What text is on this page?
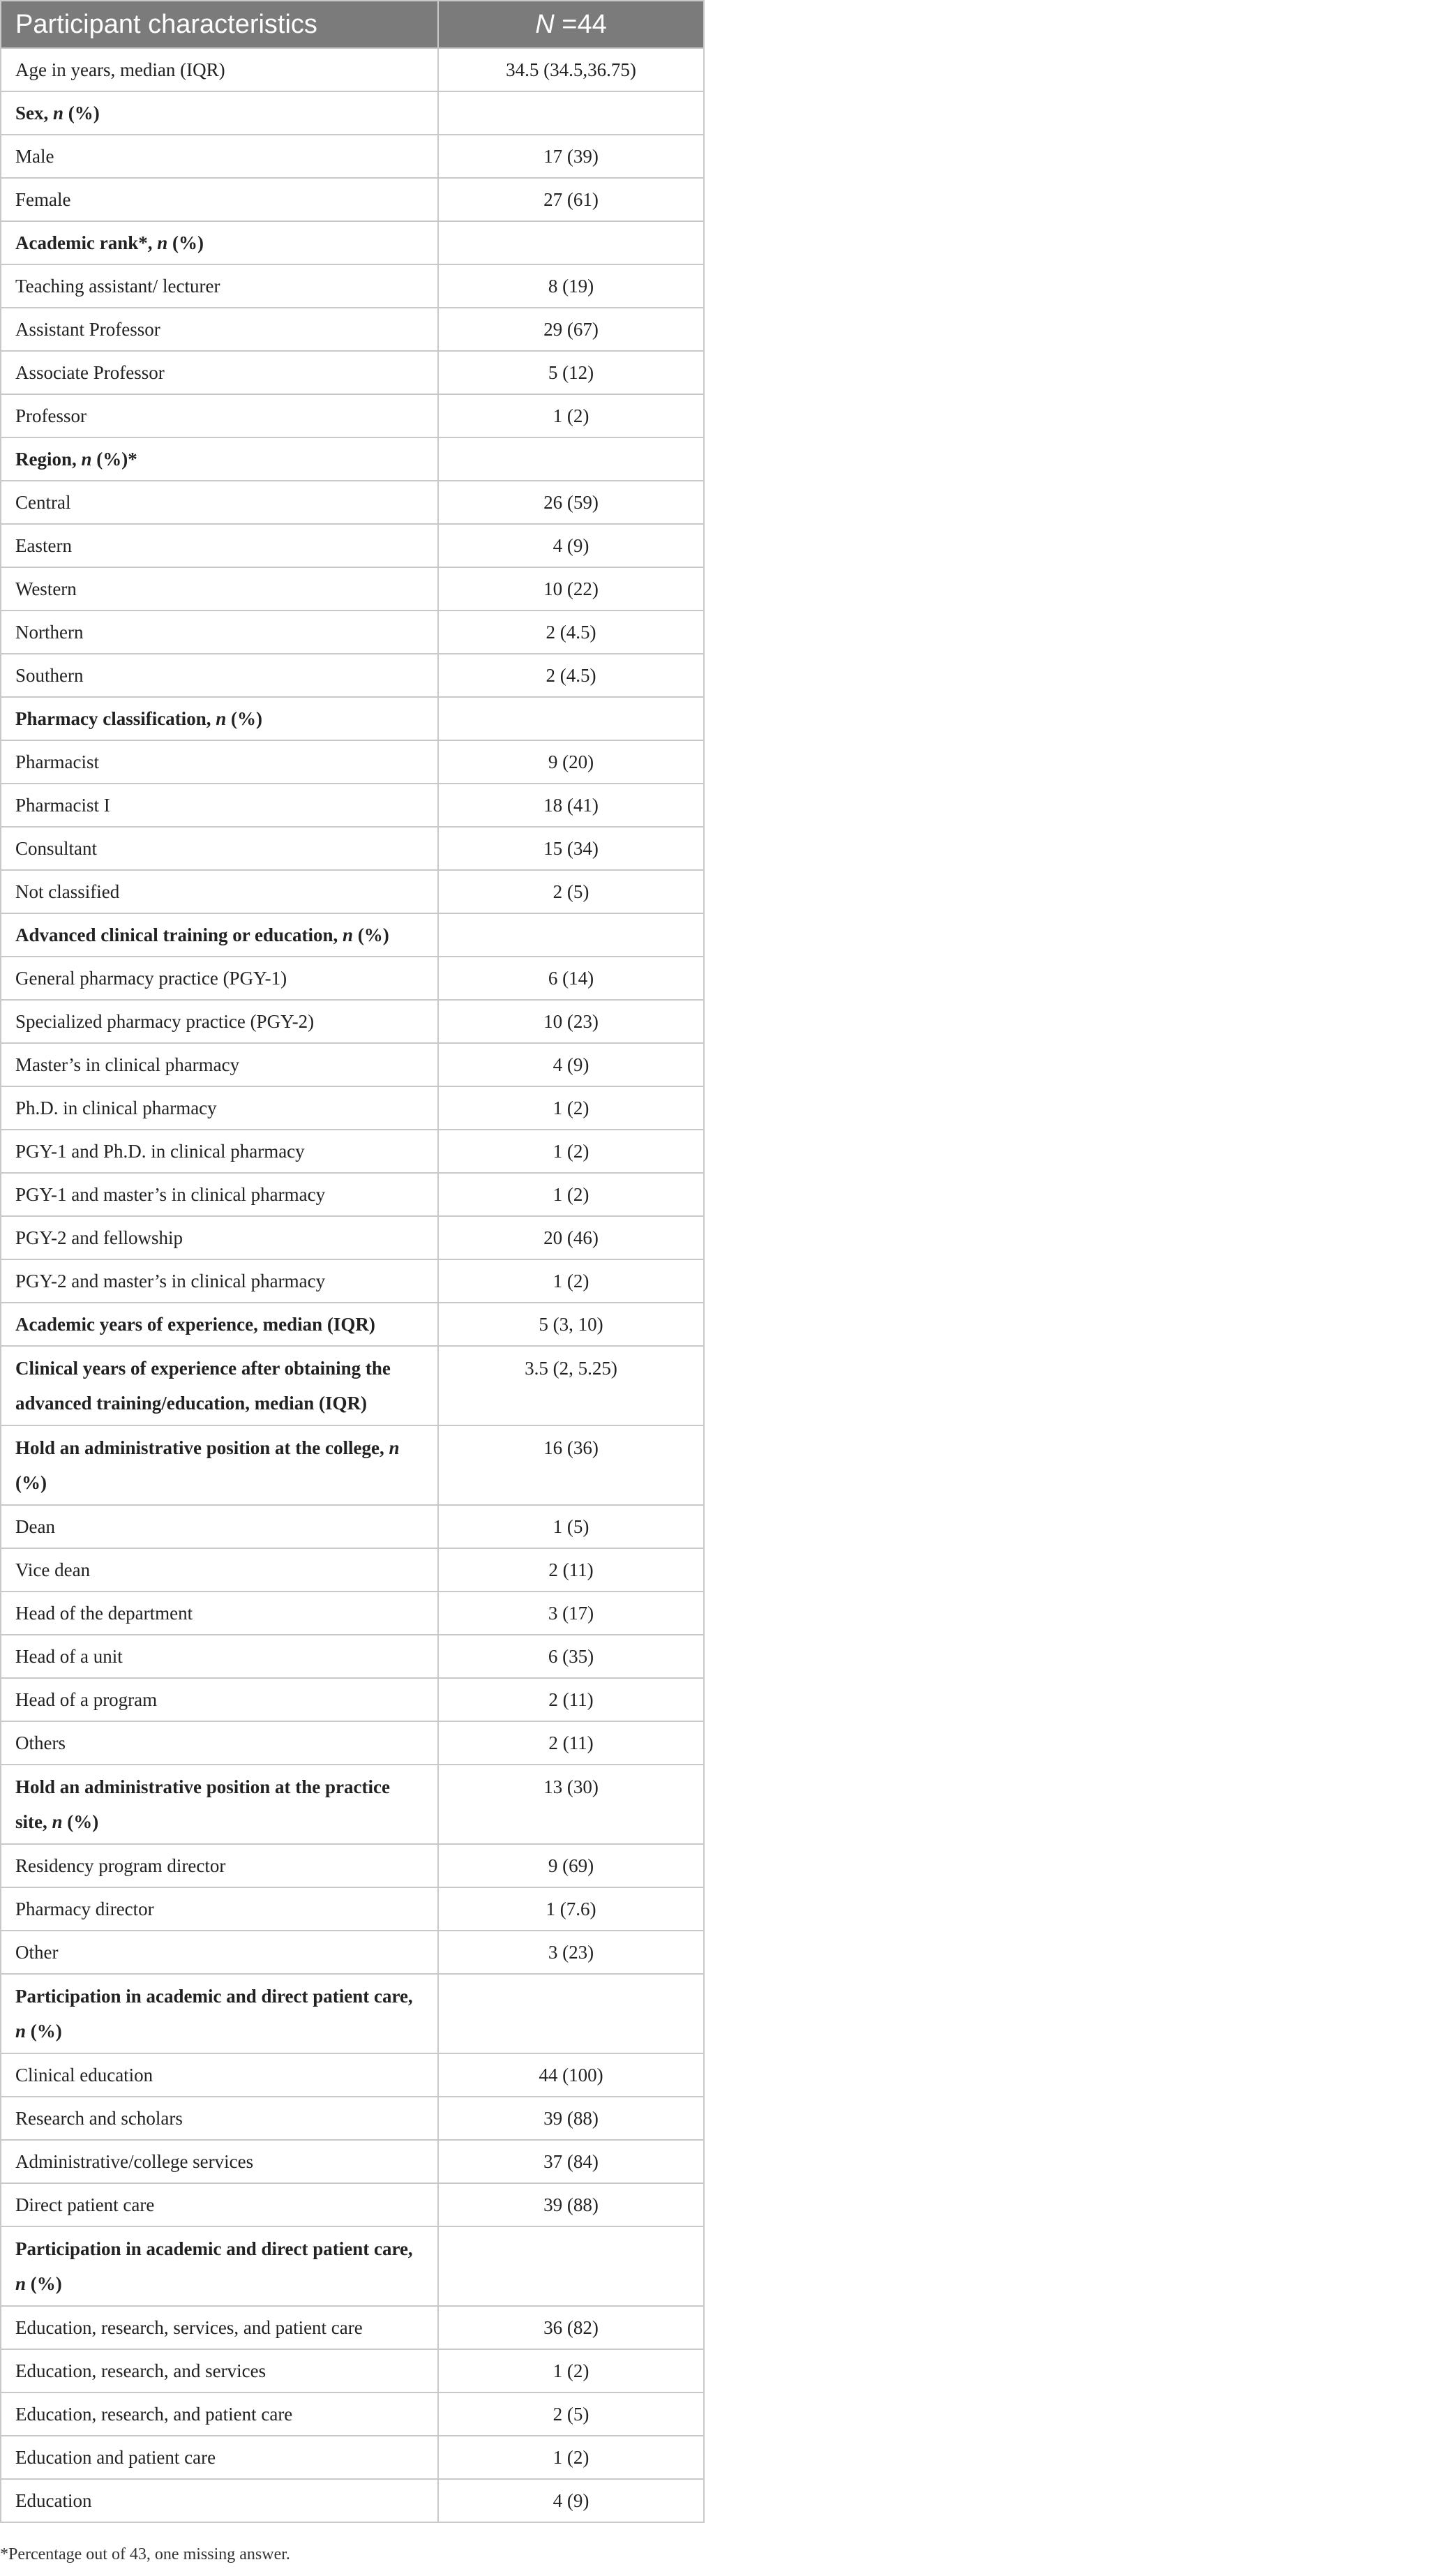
Participant characteristics	N =44
Age in years, median (IQR)	34.5 (34.5,36.75)
Sex, n (%)	
Male	17 (39)
Female	27 (61)
Academic rank*, n (%)	
Teaching assistant/ lecturer	8 (19)
Assistant Professor	29 (67)
Associate Professor	5 (12)
Professor	1 (2)
Region, n (%)*	
Central	26 (59)
Eastern	4 (9)
Western	10 (22)
Northern	2 (4.5)
Southern	2 (4.5)
Pharmacy classification, n (%)	
Pharmacist	9 (20)
Pharmacist I	18 (41)
Consultant	15 (34)
Not classified	2 (5)
Advanced clinical training or education, n (%)	
General pharmacy practice (PGY-1)	6 (14)
Specialized pharmacy practice (PGY-2)	10 (23)
Master’s in clinical pharmacy	4 (9)
Ph.D. in clinical pharmacy	1 (2)
PGY-1 and Ph.D. in clinical pharmacy	1 (2)
PGY-1 and master’s in clinical pharmacy	1 (2)
PGY-2 and fellowship	20 (46)
PGY-2 and master’s in clinical pharmacy	1 (2)
Academic years of experience, median (IQR)	5 (3, 10)
Clinical years of experience after obtaining the advanced training/education, median (IQR)	3.5 (2, 5.25)
Hold an administrative position at the college, n (%)	16 (36)
Dean	1 (5)
Vice dean	2 (11)
Head of the department	3 (17)
Head of a unit	6 (35)
Head of a program	2 (11)
Others	2 (11)
Hold an administrative position at the practice site, n (%)	13 (30)
Residency program director	9 (69)
Pharmacy director	1 (7.6)
Other	3 (23)
Participation in academic and direct patient care, n (%)	
Clinical education	44 (100)
Research and scholars	39 (88)
Administrative/college services	37 (84)
Direct patient care	39 (88)
Participation in academic and direct patient care, n (%)	
Education, research, services, and patient care	36 (82)
Education, research, and services	1 (2)
Education, research, and patient care	2 (5)
Education and patient care	1 (2)
Education	4 (9)
*Percentage out of 43, one missing answer.
